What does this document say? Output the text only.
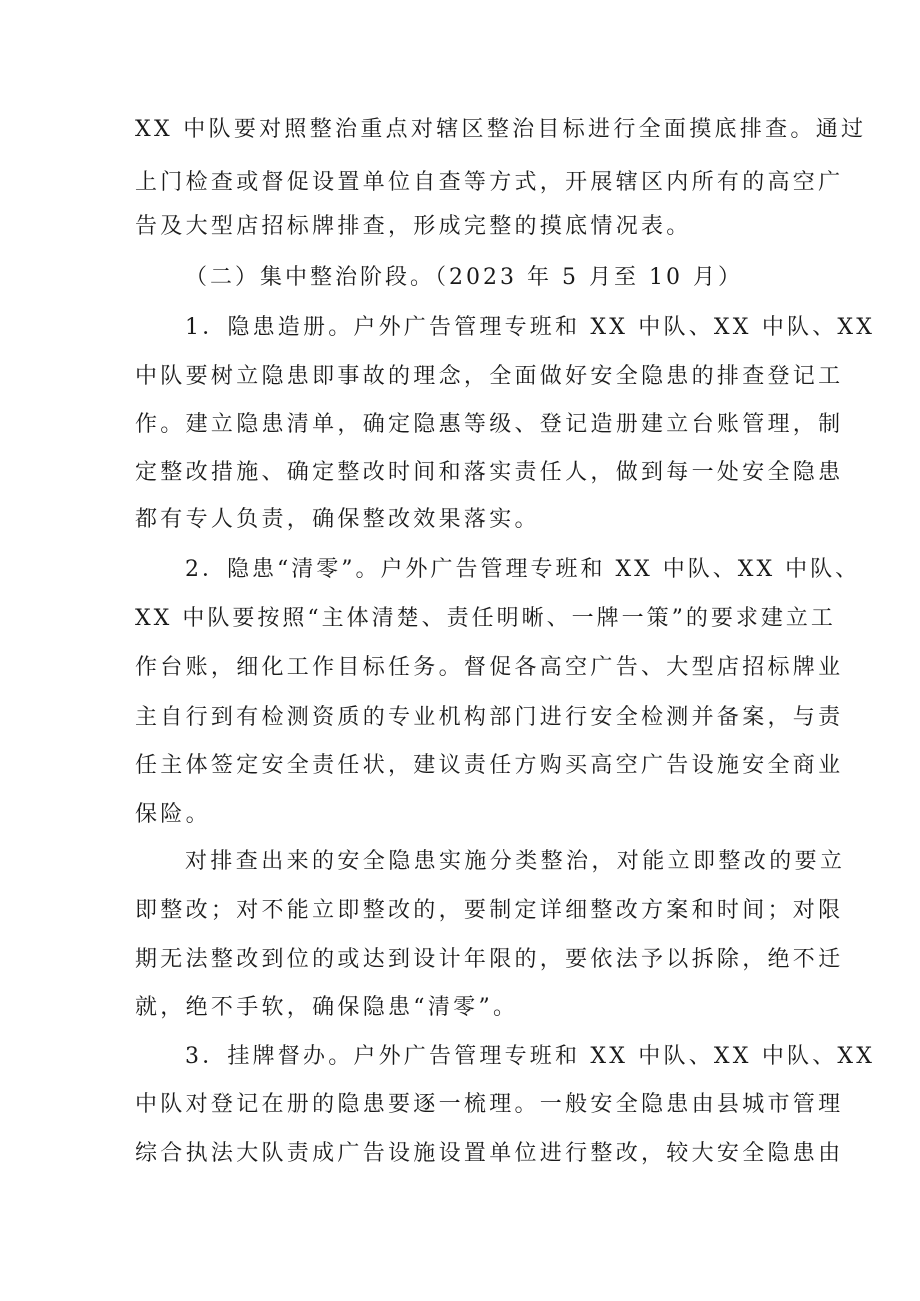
XX 中队要对照整治重点对辖区整治目标进行全面摸底排查。通过
上门检查或督促设置单位自查等方式，开展辖区内所有的高空广
告及大型店招标牌排查，形成完整的摸底情况表。
（二）集中整治阶段。（2023 年 5 月至 10 月）
1．隐患造册。户外广告管理专班和 XX 中队、XX 中队、XX
中队要树立隐患即事故的理念，全面做好安全隐患的排查登记工
作。建立隐患清单，确定隐惠等级、登记造册建立台账管理，制
定整改措施、确定整改时间和落实责任人，做到每一处安全隐患
都有专人负责，确保整改效果落实。
2．隐患“清零”。户外广告管理专班和 XX 中队、XX 中队、
XX 中队要按照“主体清楚、责任明晰、一牌一策”的要求建立工
作台账，细化工作目标任务。督促各高空广告、大型店招标牌业
主自行到有检测资质的专业机构部门进行安全检测并备案，与责
任主体签定安全责任状，建议责任方购买高空广告设施安全商业
保险。
对排查出来的安全隐患实施分类整治，对能立即整改的要立
即整改；对不能立即整改的，要制定详细整改方案和时间；对限
期无法整改到位的或达到设计年限的，要依法予以拆除，绝不迁
就，绝不手软，确保隐患“清零”。
3．挂牌督办。户外广告管理专班和 XX 中队、XX 中队、XX
中队对登记在册的隐患要逐一梳理。一般安全隐患由县城市管理
综合执法大队责成广告设施设置单位进行整改，较大安全隐患由
